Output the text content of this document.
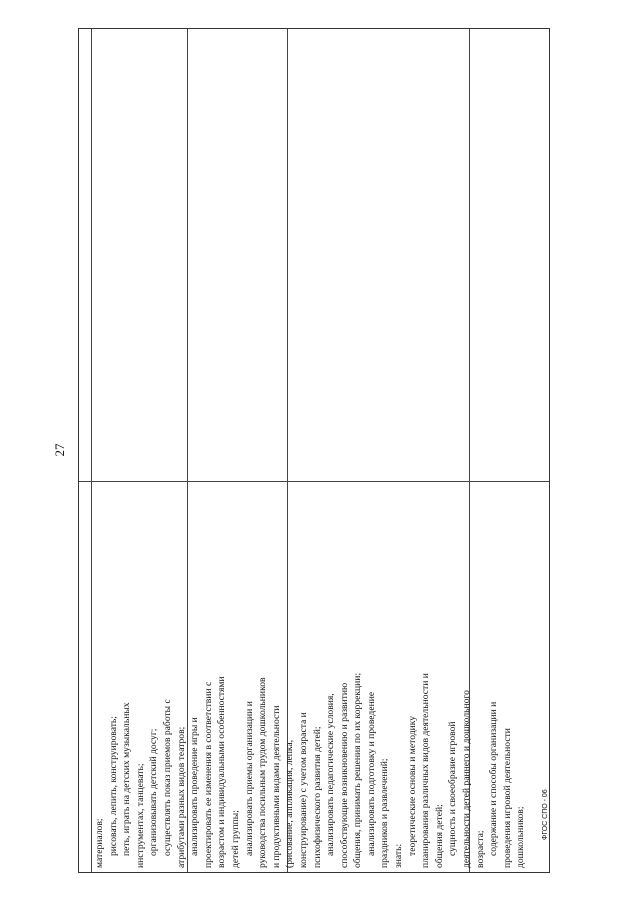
27
материалов; рисовать, лепить, конструировать; петь, играть на детских музыкальных инструментах, танцевать; организовывать детский досуг; осуществлять показ приемов работы с атрибутами разных видов театров; анализировать проведение игры и проектировать ее изменения в соответствии с возрастом и индивидуальными особенностями детей группы; анализировать приемы организации и руководства посильным трудом дошкольников и продуктивными видами деятельности (рисование, аппликация, лепка, конструирование) с учетом возраста и психофизического развития детей; анализировать педагогические условия, способствующие возникновению и развитию общения, принимать решения по их коррекции; анализировать подготовку и проведение праздников и развлечений; знать: теоретические основы и методику планирования различных видов деятельности и общения детей; сущность и своеобразие игровой деятельности детей раннего и дошкольного возраста; содержание и способы организации и проведения игровой деятельности дошкольников; ФГОС СПО - 06
